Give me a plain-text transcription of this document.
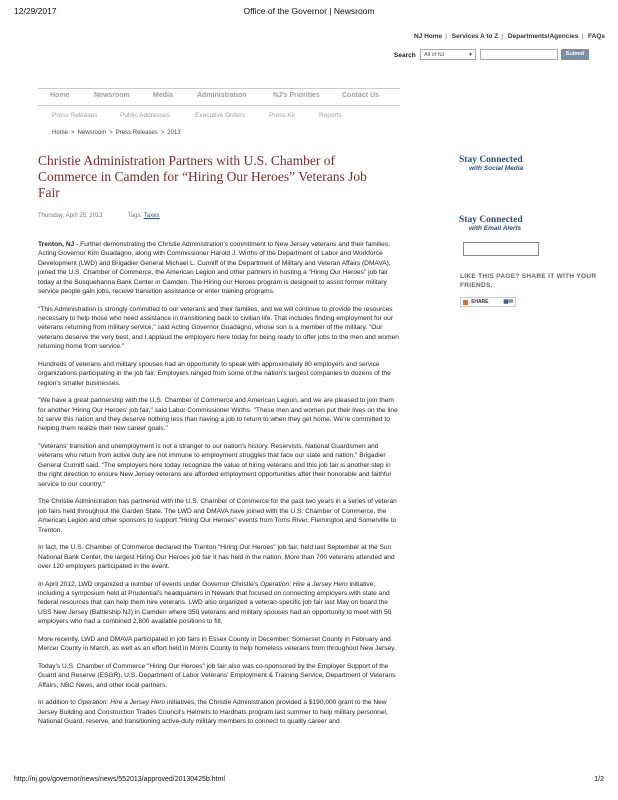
12/29/2017	Office of the Governor | Newsroom
NJ Home | Services A to Z | Departments/Agencies | FAQs
Search	All of NJ	▼	Submit
Home	Newsroom	Media	Administration	NJ's Priorities	Contact Us
Press Releases	Public Addresses	Executive Orders	Press Kit	Reports
Home > Newsroom > Press Releases > 2013
Christie Administration Partners with U.S. Chamber of Commerce in Camden for “Hiring Our Heroes” Veterans Job Fair
Thursday, April 25, 2013	Tags: Taxes

Trenton, NJ - Further demonstrating the Christie Administration's commitment to New Jersey veterans and their families, Acting Governor Kim Guadagno, along with Commissioner Harold J. Wirths of the Department of Labor and Workforce Development (LWD) and Brigadier General Michael L. Cunniff of the Department of Military and Veteran Affairs (DMAVA), joined the U.S. Chamber of Commerce, the American Legion and other partners in hosting a "Hiring Our Heroes" job fair today at the Susquehanna Bank Center in Camden. The Hiring our Heroes program is designed to assist former military service people gain jobs, receive transition assistance or enter training programs.

"This Administration is strongly committed to our veterans and their families, and we will continue to provide the resources necessary to help those who need assistance in transitioning back to civilian life. That includes finding employment for our veterans returning from military service," said Acting Governor Guadagno, whose son is a member of the military. "Our veterans deserve the very best, and I applaud the employers here today for being ready to offer jobs to the men and women returning home from service."

Hundreds of veterans and military spouses had an opportunity to speak with approximately 80 employers and service organizations participating in the job fair. Employers ranged from some of the nation's largest companies to dozens of the region's smaller businesses.

"We have a great partnership with the U.S. Chamber of Commerce and American Legion, and we are pleased to join them for another 'Hiring Our Heroes' job fair," said Labor Commissioner Wirths. "These men and women put their lives on the line to serve this nation and they deserve nothing less than having a job to return to when they get home. We're committed to helping them realize their new career goals."

"Veterans' transition and unemployment is not a stranger to our nation's history. Reservists, National Guardsmen and veterans who return from active duty are not immune to employment struggles that face our state and nation," Brigadier General Cunniff said. "The employers here today recognize the value of hiring veterans and this job fair is another step in the right direction to ensure New Jersey veterans are afforded employment opportunities after their honorable and faithful service to our country."

The Christie Administration has partnered with the U.S. Chamber of Commerce for the past two years in a series of veteran job fairs held throughout the Garden State. The LWD and DMAVA have joined with the U.S. Chamber of Commerce, the American Legion and other sponsors to support "Hiring Our Heroes" events from Toms River, Flemington and Somerville to Trenton.

In fact, the U.S. Chamber of Commerce declared the Trenton "Hiring Our Heroes" job fair, held last September at the Sun National Bank Center, the largest Hiring Our Heroes job fair it has held in the nation. More than 700 veterans attended and over 120 employers participated in the event.

In April 2012, LWD organized a number of events under Governor Christie's Operation: Hire a Jersey Hero initiative, including a symposium held at Prudential's headquarters in Newark that focused on connecting employers with state and federal resources that can help them hire veterans. LWD also organized a veteran-specific job fair last May on board the USS New Jersey (Battleship NJ) in Camden where 350 veterans and military spouses had an opportunity to meet with 50 employers who had a combined 2,800 available positions to fill.

More recently, LWD and DMAVA participated in job fairs in Essex County in December, Somerset County in February and Mercer County in March, as well as an effort held in Morris County to help homeless veterans from throughout New Jersey.

Today's U.S. Chamber of Commerce "Hiring Our Heroes" job fair also was co-sponsored by the Employer Support of the Guard and Reserve (ESGR), U.S. Department of Labor Veterans' Employment & Training Service, Department of Veterans Affairs, NBC News, and other local partners.

In addition to Operation: Hire a Jersey Hero initiatives, the Christie Administration provided a $190,000 grant to the New Jersey Building and Construction Trades Council's Helmets to Hardhats program last summer to help military personnel, National Guard, reserve, and transitioning active-duty military members to connect to quality career and

Stay Connected
with Social Media
Stay Connected
with Email Alerts
LIKE THIS PAGE? SHARE IT WITH YOUR FRIENDS.
SHARE	▦✉
http://nj.gov/governor/news/news/552013/approved/20130425b.html	1/2
